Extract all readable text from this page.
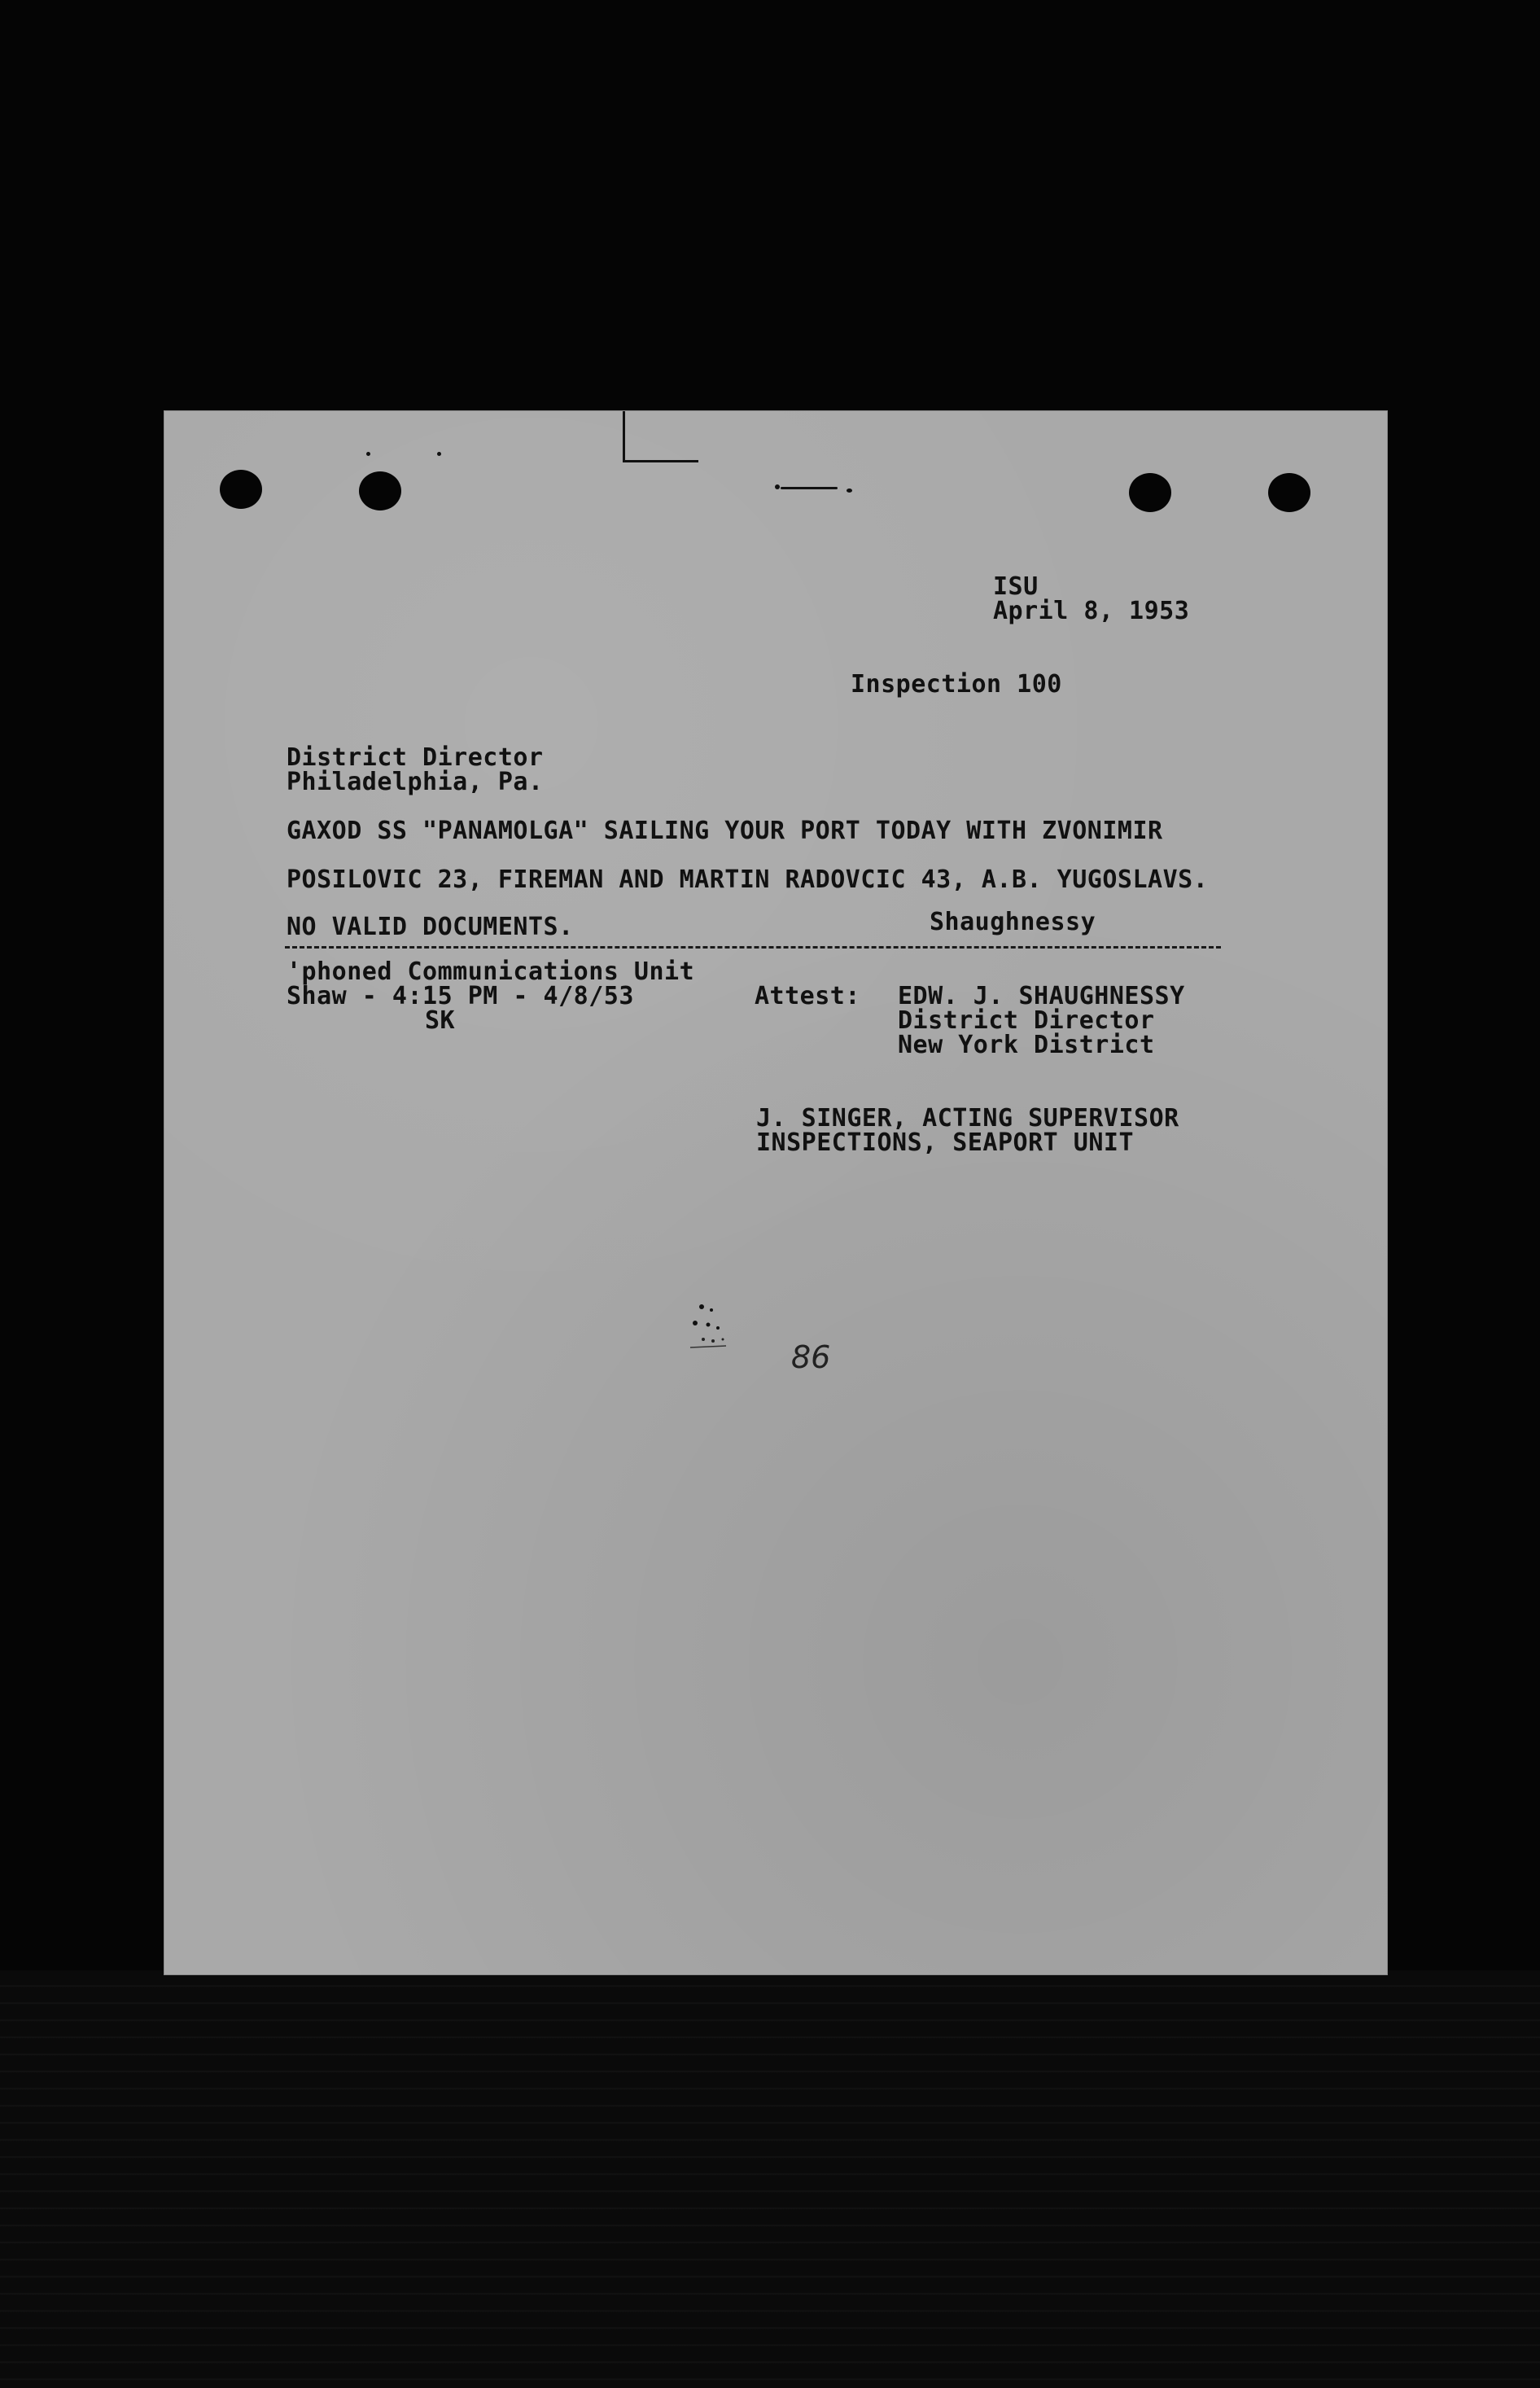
ISU
April 8, 1953
Inspection 100
District Director
Philadelphia, Pa.
GAXOD SS "PANAMOLGA" SAILING YOUR PORT TODAY WITH ZVONIMIR
POSILOVIC 23, FIREMAN AND MARTIN RADOVCIC 43, A.B. YUGOSLAVS.
NO VALID DOCUMENTS.	Shaughnessy
'phoned Communications Unit
Shaw - 4:15 PM - 4/8/53
SK
Attest: EDW. J. SHAUGHNESSY
District Director
New York District
J. SINGER, ACTING SUPERVISOR
INSPECTIONS, SEAPORT UNIT
86
